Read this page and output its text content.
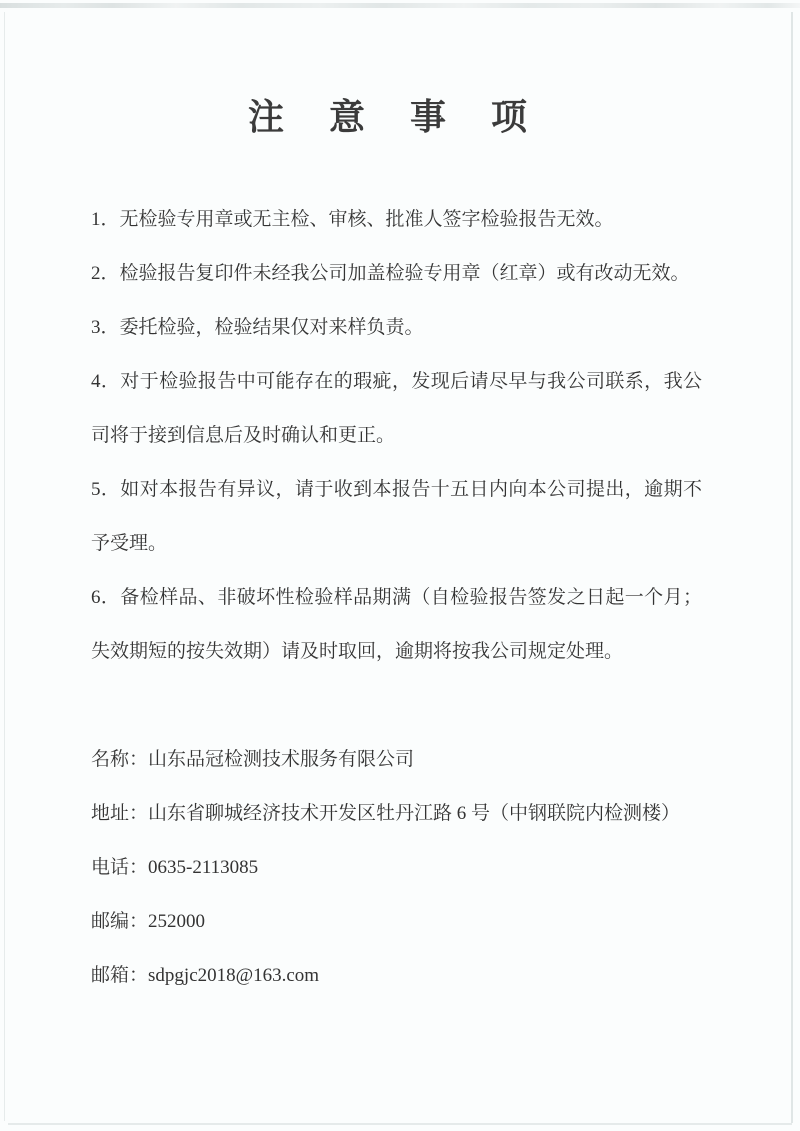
注 意 事 项

1．无检验专用章或无主检、审核、批准人签字检验报告无效。

2．检验报告复印件未经我公司加盖检验专用章（红章）或有改动无效。

3．委托检验，检验结果仅对来样负责。

4．对于检验报告中可能存在的瑕疵，发现后请尽早与我公司联系，我公司将于接到信息后及时确认和更正。

5．如对本报告有异议，请于收到本报告十五日内向本公司提出，逾期不予受理。

6．备检样品、非破坏性检验样品期满（自检验报告签发之日起一个月；失效期短的按失效期）请及时取回，逾期将按我公司规定处理。

名称：山东品冠检测技术服务有限公司
地址：山东省聊城经济技术开发区牡丹江路 6 号（中钢联院内检测楼）
电话：0635-2113085
邮编：252000
邮箱：sdpgjc2018@163.com
